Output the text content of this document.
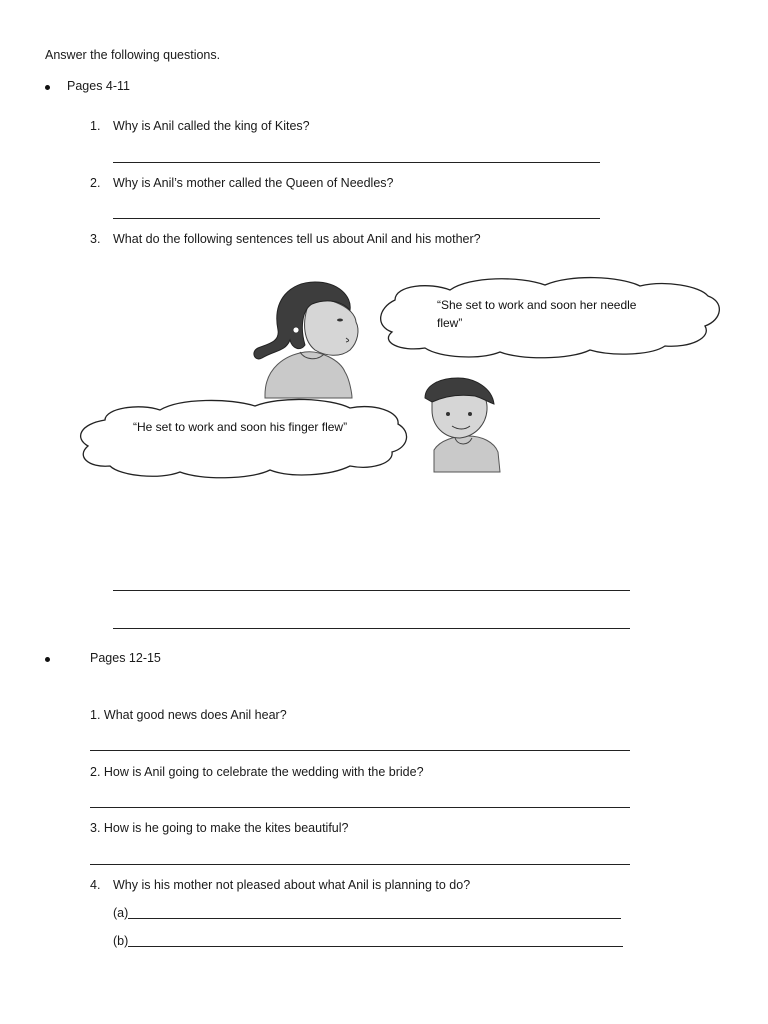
Answer the following questions.
Pages 4-11
1. Why is Anil called the king of Kites?
2. Why is Anil’s mother called the Queen of Needles?
3. What do the following sentences tell us about Anil and his mother?
“She set to work and soon her needle flew”
“He set to work and soon his finger flew”
Pages 12-15
1. What good news does Anil hear?
2. How is Anil going to celebrate the wedding with the bride?
3. How is he going to make the kites beautiful?
4. Why is his mother not pleased about what Anil is planning to do?
(a)
(b)
